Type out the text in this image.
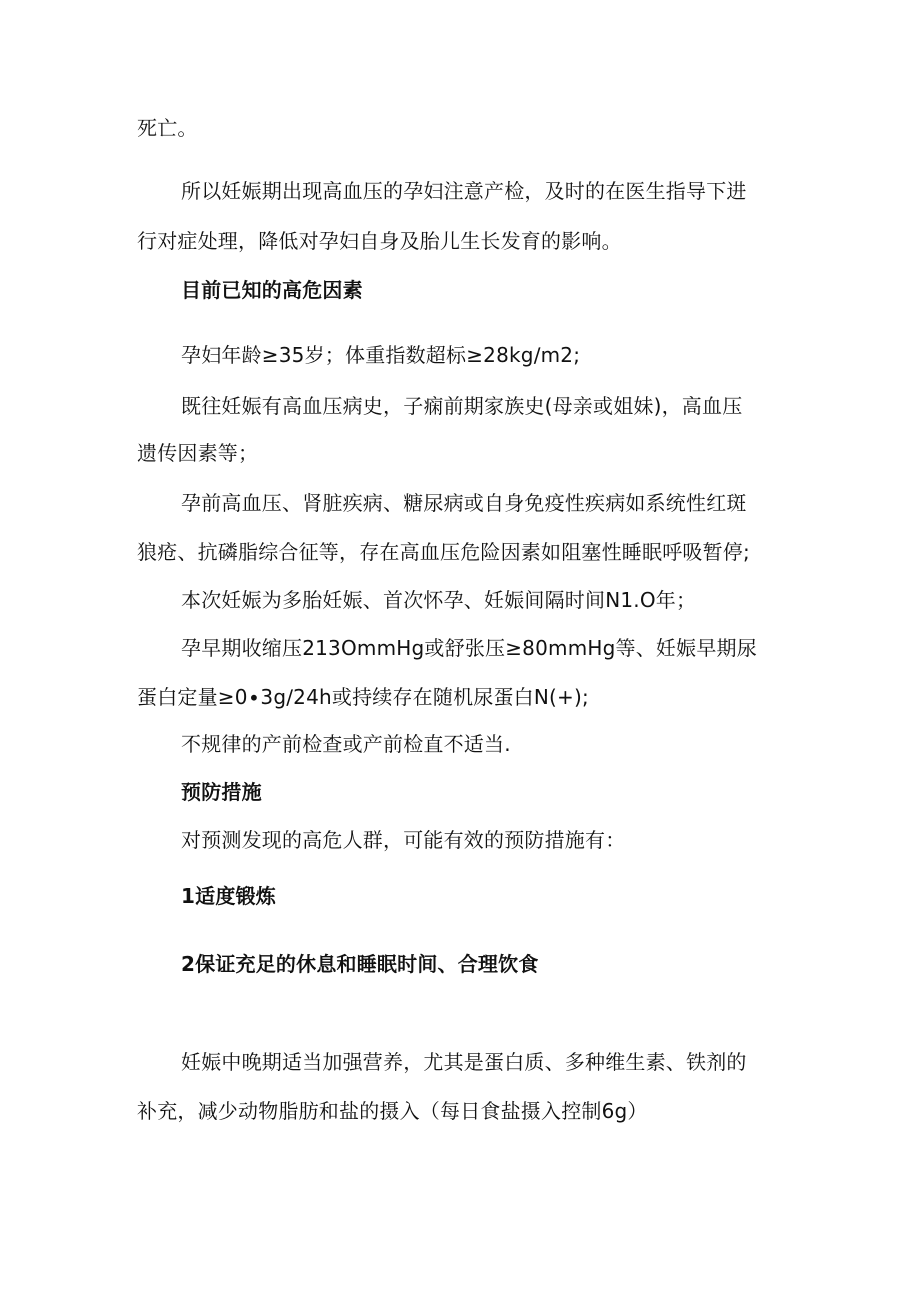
死亡。
所以妊娠期出现高血压的孕妇注意产检，及时的在医生指导下进
行对症处理，降低对孕妇自身及胎儿生长发育的影响。
目前已知的高危因素
孕妇年龄≥35岁；体重指数超标≥28kg∕m2;
既往妊娠有高血压病史，子痫前期家族史(母亲或姐妹)，高血压
遗传因素等；
孕前高血压、肾脏疾病、糖尿病或自身免疫性疾病如系统性红斑
狼疮、抗磷脂综合征等，存在高血压危险因素如阻塞性睡眠呼吸暂停;
本次妊娠为多胎妊娠、首次怀孕、妊娠间隔时间N1.O年；
孕早期收缩压213OmmHg或舒张压≥80mmHg等、妊娠早期尿
蛋白定量≥0∙3g∕24h或持续存在随机尿蛋白N(+);
不规律的产前检查或产前检直不适当.
预防措施
对预测发现的高危人群，可能有效的预防措施有：
1适度锻炼
2保证充足的休息和睡眠时间、合理饮食
妊娠中晚期适当加强营养，尤其是蛋白质、多种维生素、铁剂的
补充，减少动物脂肪和盐的摄入（每日食盐摄入控制6g）
